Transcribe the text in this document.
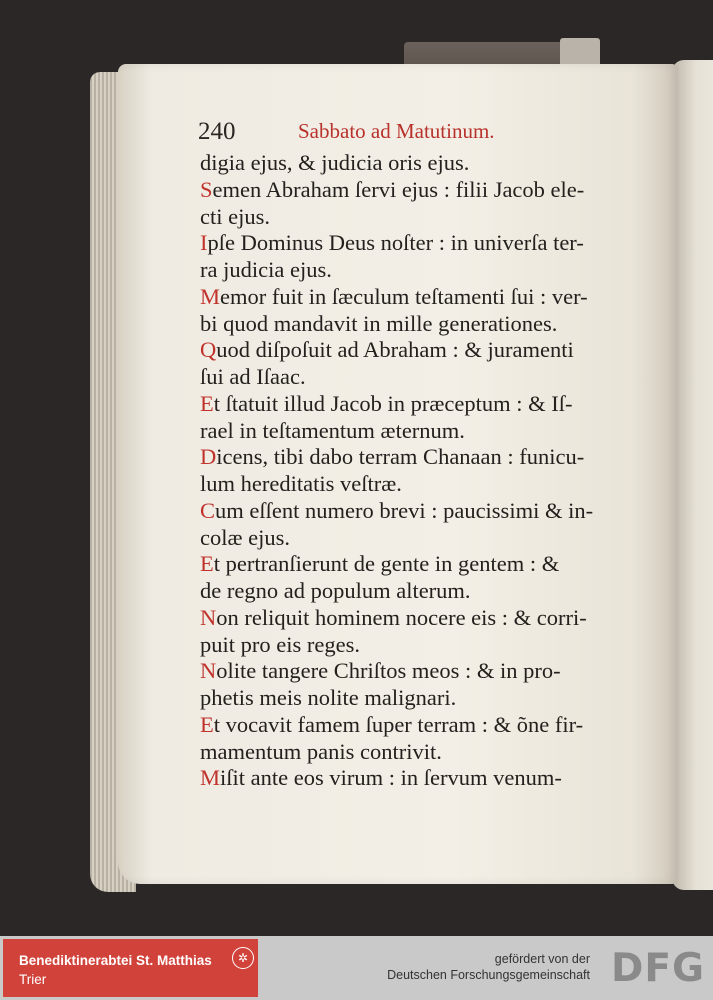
240	Sabbato ad Matutinum.
digia ejus, & judicia oris ejus.
Semen Abraham ſervi ejus : filii Jacob ele-
cti ejus.
Ipſe Dominus Deus noſter : in univerſa ter-
ra judicia ejus.
Memor fuit in ſæculum teſtamenti ſui : ver-
bi quod mandavit in mille generationes.
Quod diſpoſuit ad Abraham : & juramenti
ſui ad Iſaac.
Et ſtatuit illud Jacob in præceptum : & Iſ-
rael in teſtamentum æternum.
Dicens, tibi dabo terram Chanaan : funicu-
lum hereditatis veſtræ.
Cum eſſent numero brevi : paucissimi & in-
colæ ejus.
Et pertranſierunt de gente in gentem : &
de regno ad populum alterum.
Non reliquit hominem nocere eis : & corri-
puit pro eis reges.
Nolite tangere Chriſtos meos : & in pro-
phetis meis nolite malignari.
Et vocavit famem ſuper terram : & õne fir-
mamentum panis contrivit.
Miſit ante eos virum : in ſervum venum-
Benediktinerabtei St. Matthias
Trier
✲	gefördert von der
Deutschen Forschungsgemeinschaft DFG
